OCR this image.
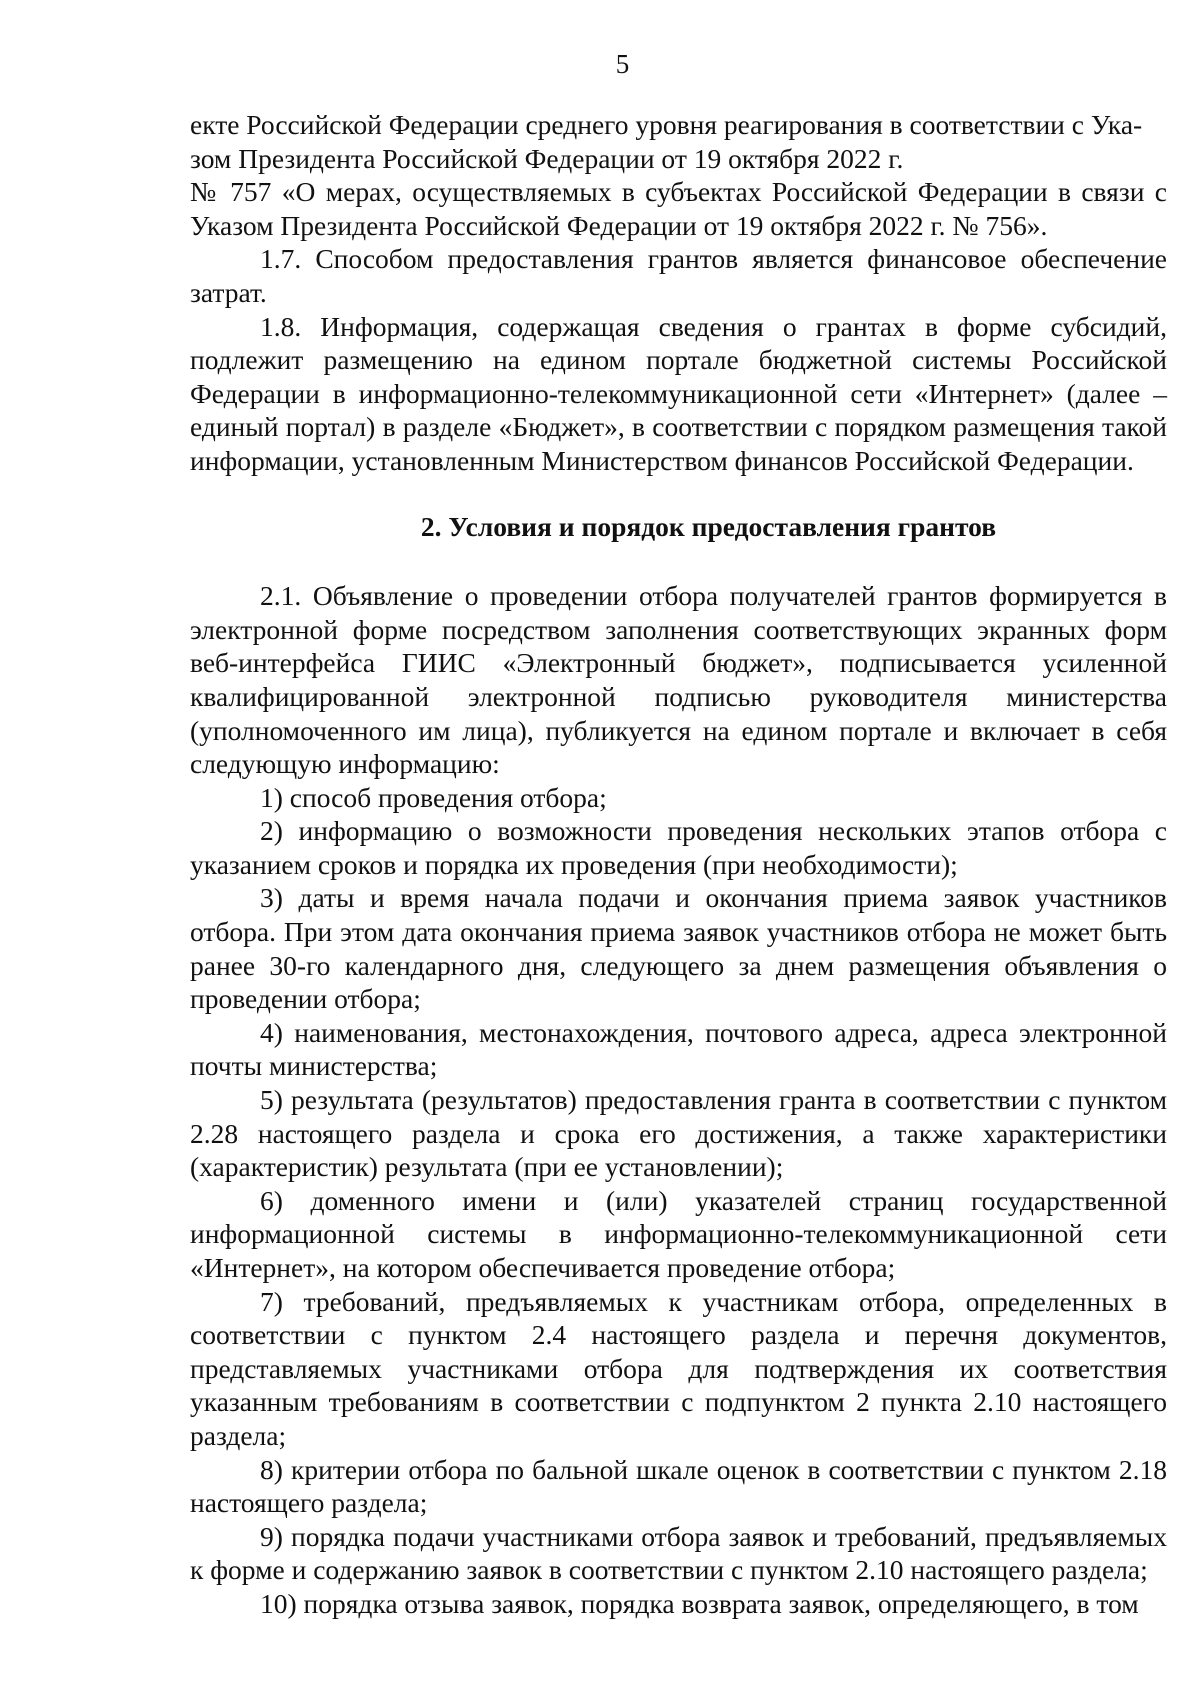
5

екте Российской Федерации среднего уровня реагирования в соответствии с Ука-

зом Президента Российской Федерации от 19 октября 2022 г.

№ 757 «О мерах, осуществляемых в субъектах Российской Федерации в связи с Указом Президента Российской Федерации от 19 октября 2022 г. № 756».

1.7. Способом предоставления грантов является финансовое обеспечение затрат.

1.8. Информация, содержащая сведения о грантах в форме субсидий, подлежит размещению на едином портале бюджетной системы Российской Федерации в информационно-телекоммуникационной сети «Интернет» (далее – единый портал) в разделе «Бюджет», в соответствии с порядком размещения такой информации, установленным Министерством финансов Российской Федерации.

2. Условия и порядок предоставления грантов

2.1. Объявление о проведении отбора получателей грантов формируется в электронной форме посредством заполнения соответствующих экранных форм веб-интерфейса ГИИС «Электронный бюджет», подписывается усиленной квалифицированной электронной подписью руководителя министерства (уполномоченного им лица), публикуется на едином портале и включает в себя следующую информацию:

1) способ проведения отбора;

2) информацию о возможности проведения нескольких этапов отбора с указанием сроков и порядка их проведения (при необходимости);

3) даты и время начала подачи и окончания приема заявок участников отбора. При этом дата окончания приема заявок участников отбора не может быть ранее 30-го календарного дня, следующего за днем размещения объявления о проведении отбора;

4) наименования, местонахождения, почтового адреса, адреса электронной почты министерства;

5) результата (результатов) предоставления гранта в соответствии с пунктом 2.28 настоящего раздела и срока его достижения, а также характеристики (характеристик) результата (при ее установлении);

6) доменного имени и (или) указателей страниц государственной информационной системы в информационно-телекоммуникационной сети «Интернет», на котором обеспечивается проведение отбора;

7) требований, предъявляемых к участникам отбора, определенных в соответствии с пунктом 2.4 настоящего раздела и перечня документов, представляемых участниками отбора для подтверждения их соответствия указанным требованиям в соответствии с подпунктом 2 пункта 2.10 настоящего раздела;

8) критерии отбора по бальной шкале оценок в соответствии с пунктом 2.18 настоящего раздела;

9) порядка подачи участниками отбора заявок и требований, предъявляемых к форме и содержанию заявок в соответствии с пунктом 2.10 настоящего раздела;

10) порядка отзыва заявок, порядка возврата заявок, определяющего, в том
